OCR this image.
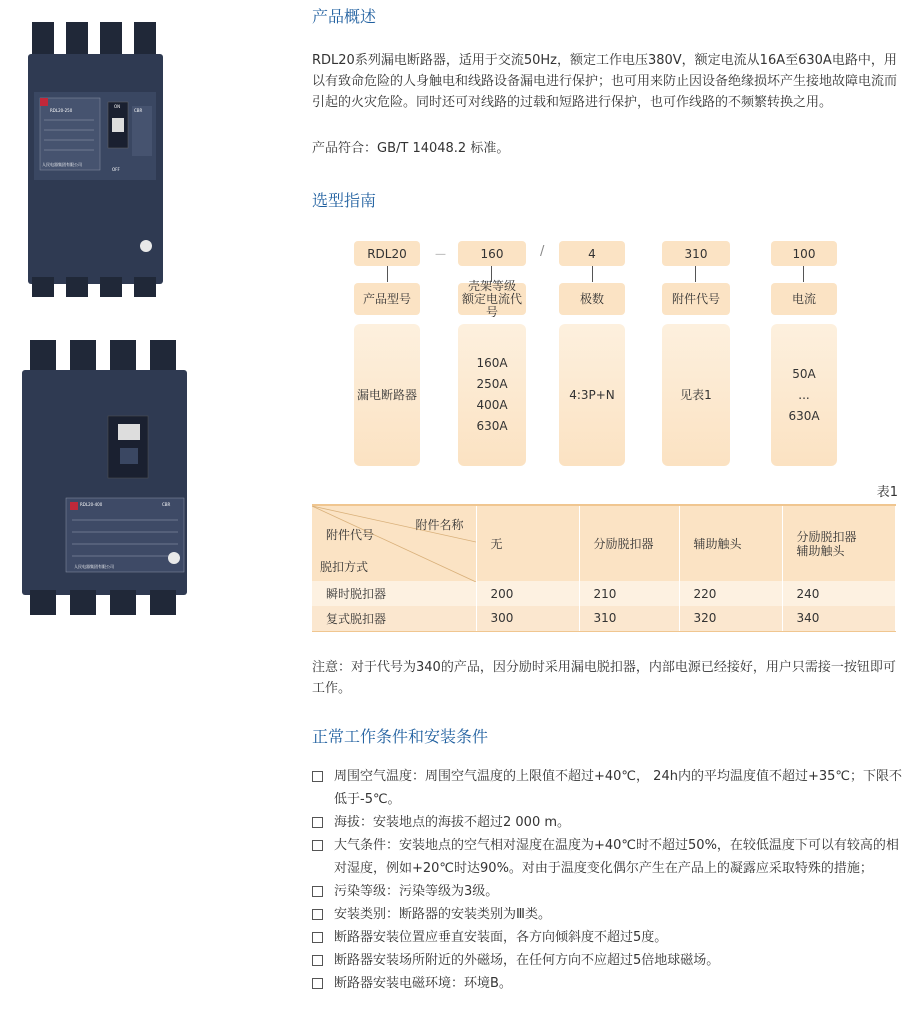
RDL20-250	CBR
ON
OFF
人民电器集团有限公司
RDL20-400	CBR
人民电器集团有限公司
产品概述
RDL20系列漏电断路器，适用于交流50Hz，额定工作电压380V，额定电流从16A至630A电路中，用以有致命危险的人身触电和线路设备漏电进行保护；也可用来防止因设备绝缘损坏产生接地故障电流而引起的火灾危险。同时还可对线路的过载和短路进行保护，也可作线路的不频繁转换之用。
产品符合：GB/T 14048.2 标准。
选型指南
RDL20	－	160	/	4	310	100
产品型号
壳架等级
额定电流代号
极数	附件代号	电流
漏电断路器
160A
250A
400A
630A
4:3P+N	见表1
50A
...
630A
表1
附件名称
附件代号
脱扣方式	无	分励脱扣器	辅助触头	分励脱扣器
辅助触头
瞬时脱扣器	200	210	220	240
复式脱扣器	300	310	320	340
注意：对于代号为340的产品，因分励时采用漏电脱扣器，内部电源已经接好，用户只需接一按钮即可工作。
正常工作条件和安装条件
周围空气温度：周围空气温度的上限值不超过+40℃， 24h内的平均温度值不超过+35℃；下限不低于-5℃。
海拔：安装地点的海拔不超过2 000 m。
大气条件：安装地点的空气相对湿度在温度为+40℃时不超过50%，在较低温度下可以有较高的相对湿度，例如+20℃时达90%。对由于温度变化偶尔产生在产品上的凝露应采取特殊的措施；
污染等级：污染等级为3级。
安装类别：断路器的安装类别为Ⅲ类。
断路器安装位置应垂直安装面，各方向倾斜度不超过5度。
断路器安装场所附近的外磁场，在任何方向不应超过5倍地球磁场。
断路器安装电磁环境：环境B。
